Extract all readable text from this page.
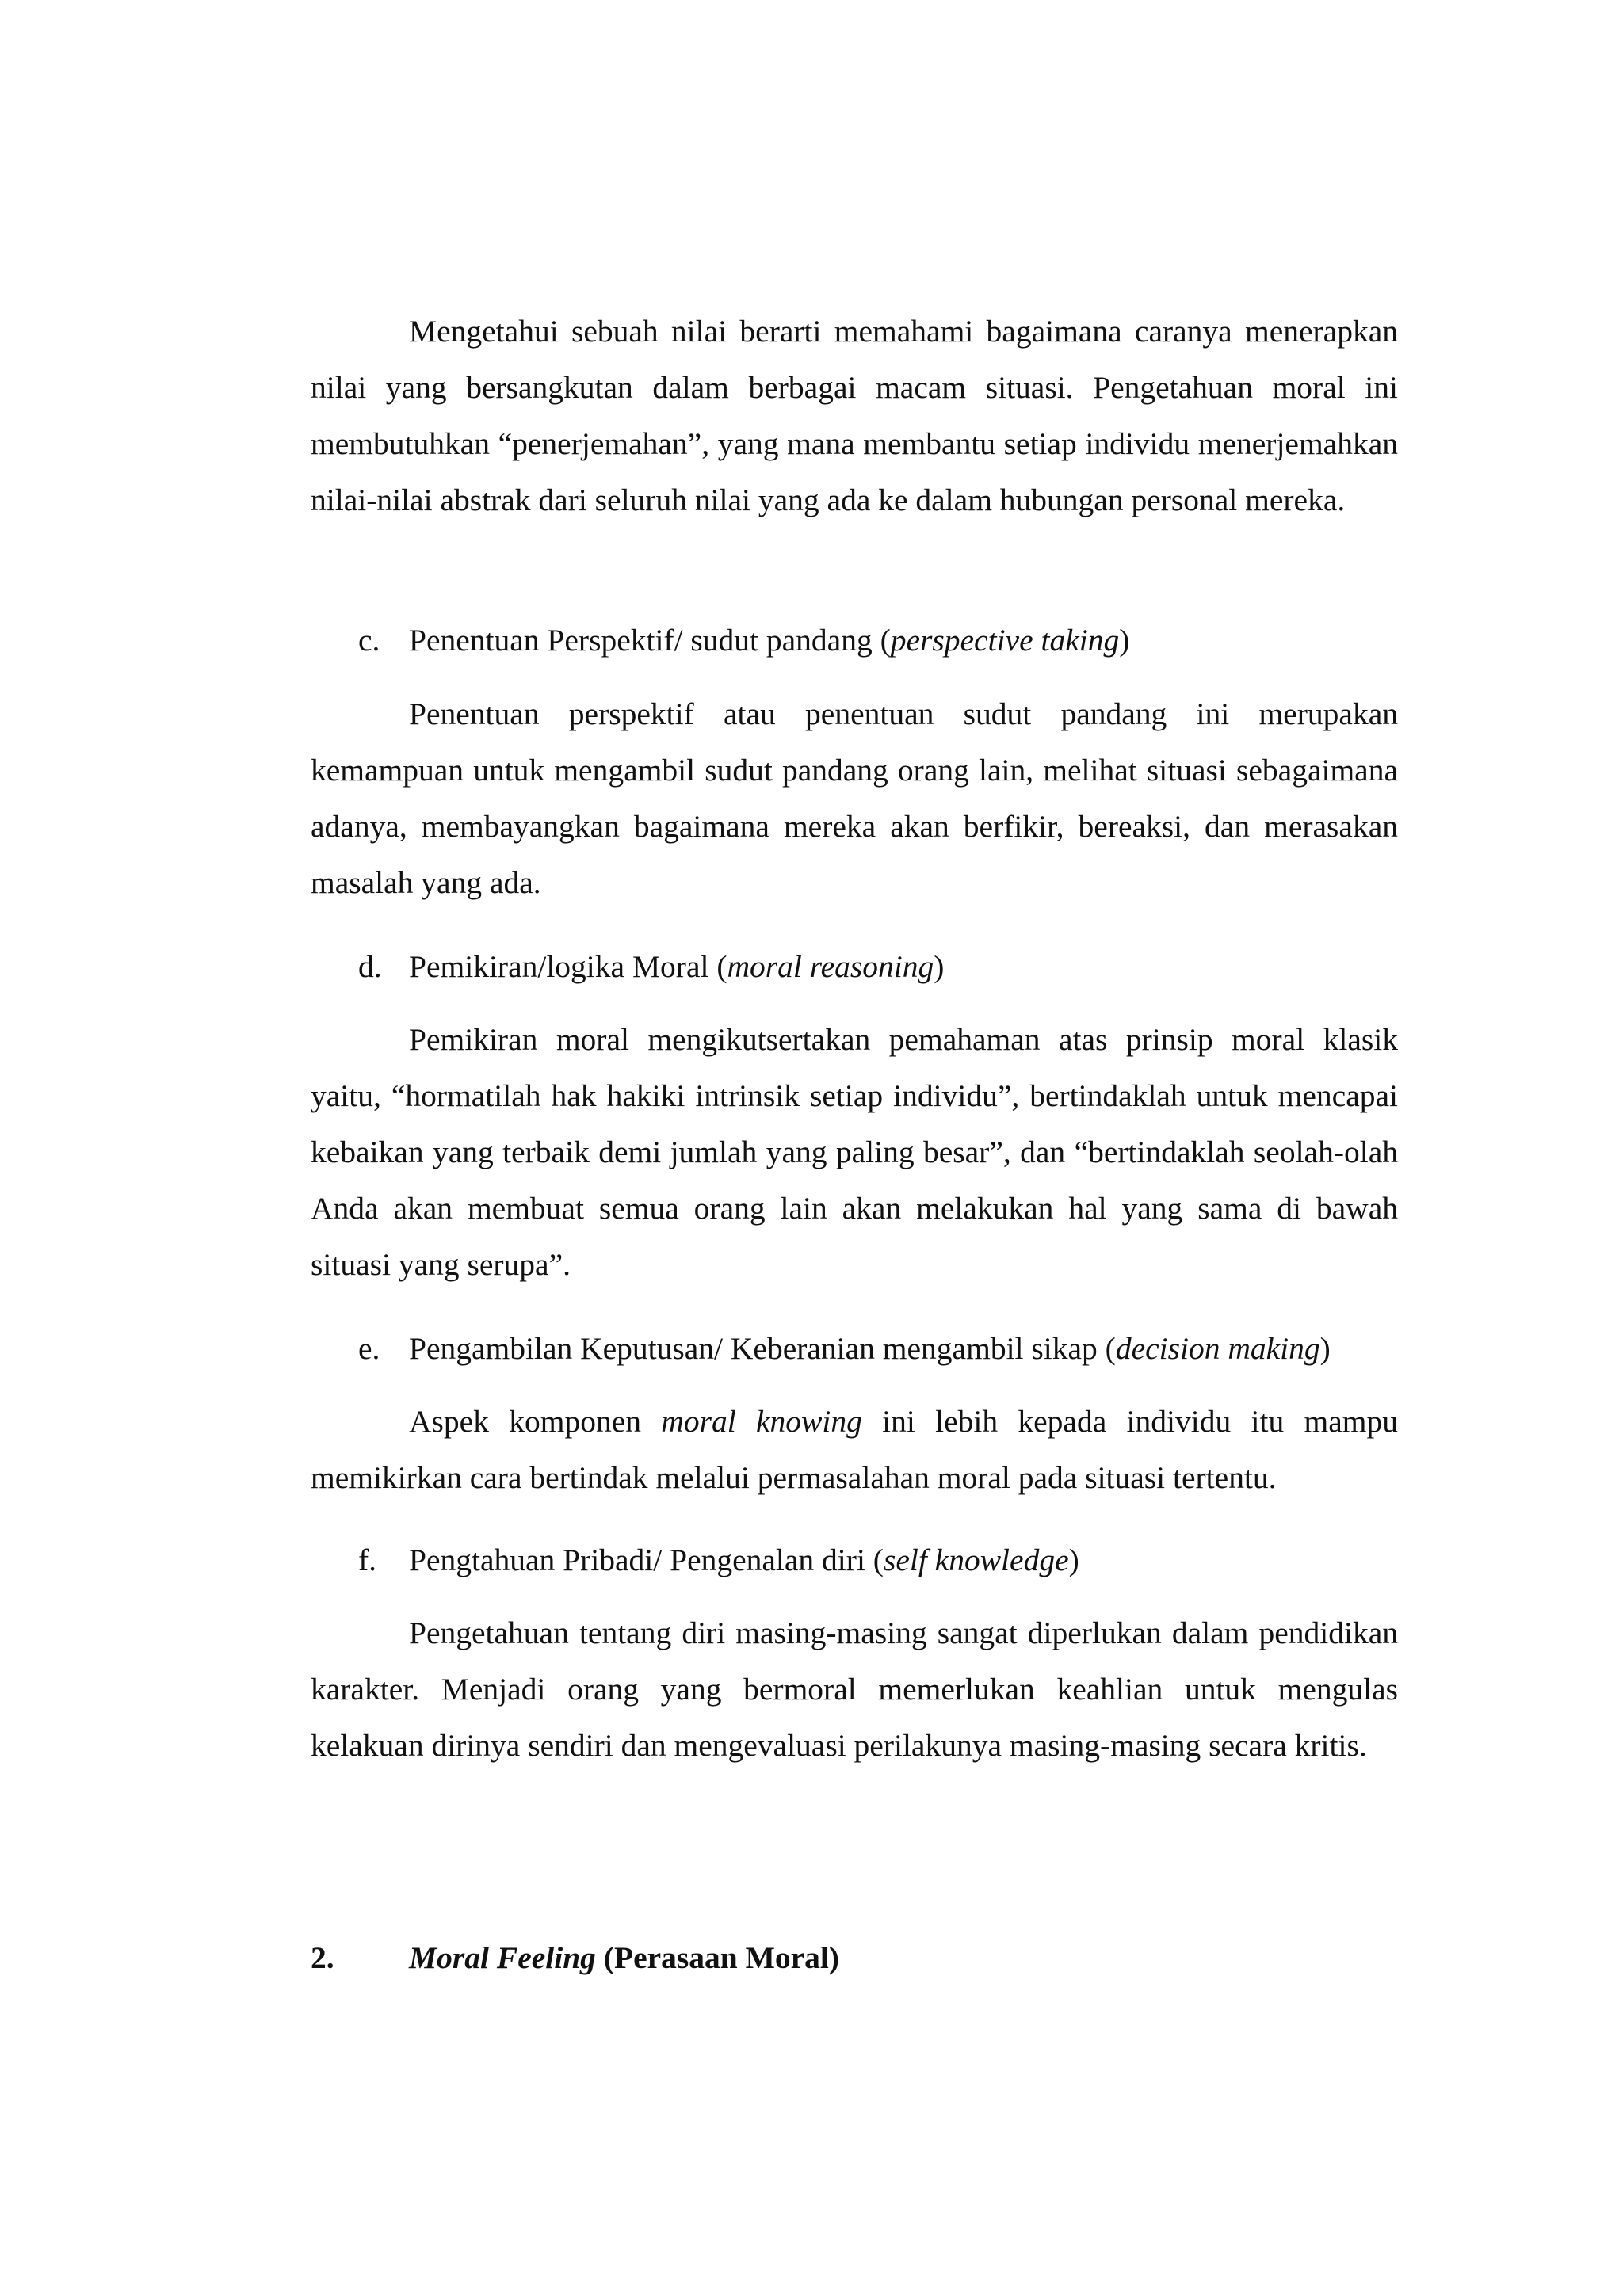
Mengetahui sebuah nilai berarti memahami bagaimana caranya menerapkan nilai yang bersangkutan dalam berbagai macam situasi. Pengetahuan moral ini membutuhkan “penerjemahan”, yang mana membantu setiap individu menerjemahkan nilai-nilai abstrak dari seluruh nilai yang ada ke dalam hubungan personal mereka.

c. Penentuan Perspektif/ sudut pandang (perspective taking)

Penentuan perspektif atau penentuan sudut pandang ini merupakan kemampuan untuk mengambil sudut pandang orang lain, melihat situasi sebagaimana adanya, membayangkan bagaimana mereka akan berfikir, bereaksi, dan merasakan masalah yang ada.

d. Pemikiran/logika Moral (moral reasoning)

Pemikiran moral mengikutsertakan pemahaman atas prinsip moral klasik yaitu, “hormatilah hak hakiki intrinsik setiap individu”, bertindaklah untuk mencapai kebaikan yang terbaik demi jumlah yang paling besar”, dan “bertindaklah seolah-olah Anda akan membuat semua orang lain akan melakukan hal yang sama di bawah situasi yang serupa”.

e. Pengambilan Keputusan/ Keberanian mengambil sikap (decision making)

Aspek komponen moral knowing ini lebih kepada individu itu mampu memikirkan cara bertindak melalui permasalahan moral pada situasi tertentu.

f. Pengtahuan Pribadi/ Pengenalan diri (self knowledge)

Pengetahuan tentang diri masing-masing sangat diperlukan dalam pendidikan karakter. Menjadi orang yang bermoral memerlukan keahlian untuk mengulas kelakuan dirinya sendiri dan mengevaluasi perilakunya masing-masing secara kritis.

2. Moral Feeling (Perasaan Moral)
